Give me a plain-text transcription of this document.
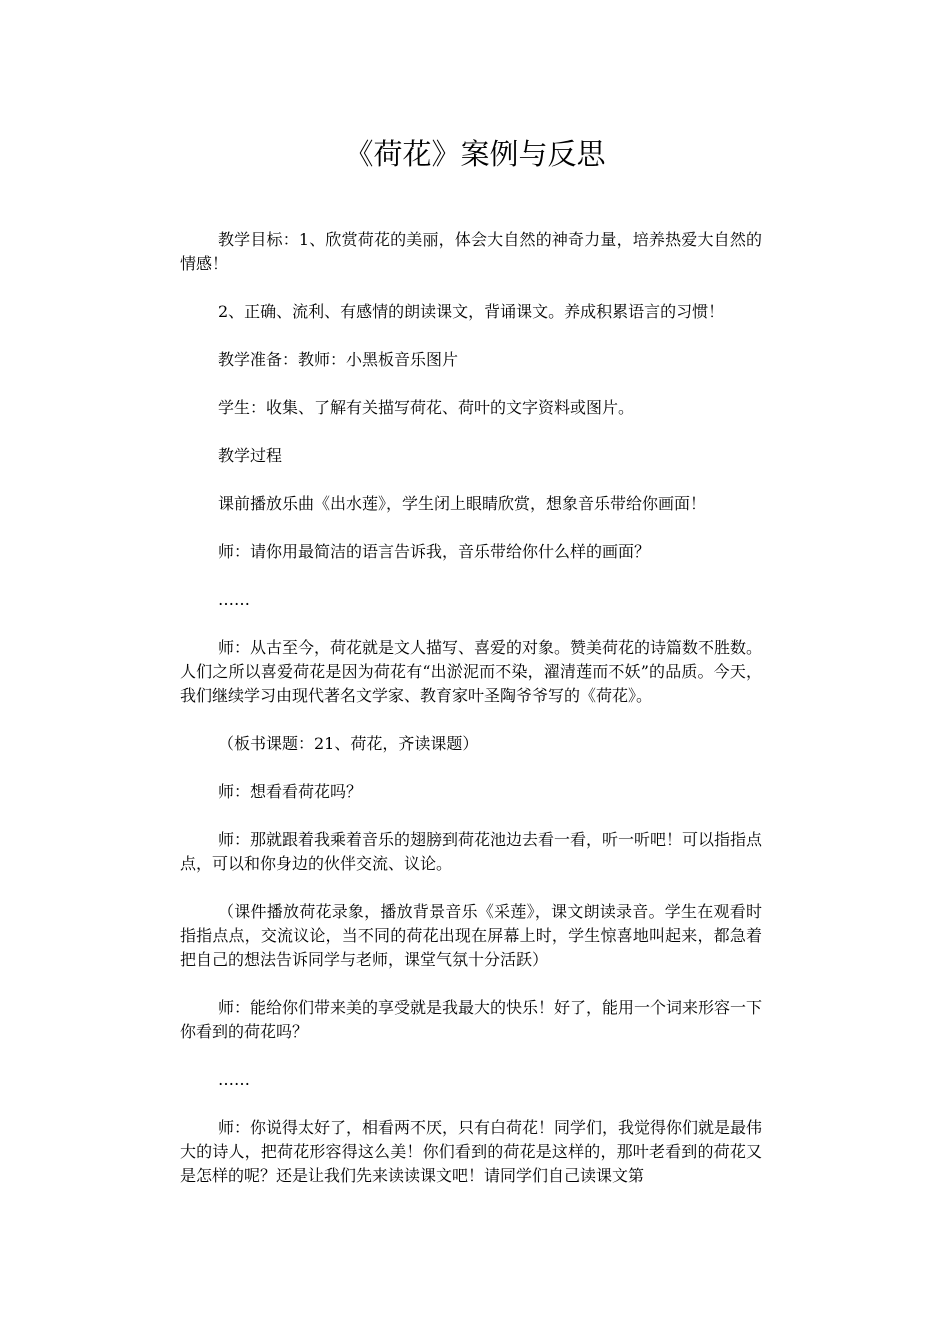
《荷花》案例与反思

教学目标：1、欣赏荷花的美丽，体会大自然的神奇力量，培养热爱大自然的情感！

2、正确、流利、有感情的朗读课文，背诵课文。养成积累语言的习惯！

教学准备：教师：小黑板音乐图片

学生：收集、了解有关描写荷花、荷叶的文字资料或图片。

教学过程

课前播放乐曲《出水莲》，学生闭上眼睛欣赏，想象音乐带给你画面！

师：请你用最简洁的语言告诉我，音乐带给你什么样的画面？

……

师：从古至今，荷花就是文人描写、喜爱的对象。赞美荷花的诗篇数不胜数。人们之所以喜爱荷花是因为荷花有“出淤泥而不染，濯清莲而不妖”的品质。今天，我们继续学习由现代著名文学家、教育家叶圣陶爷爷写的《荷花》。

（板书课题：21、荷花，齐读课题）

师：想看看荷花吗？

师：那就跟着我乘着音乐的翅膀到荷花池边去看一看，听一听吧！可以指指点点，可以和你身边的伙伴交流、议论。

（课件播放荷花录象，播放背景音乐《采莲》，课文朗读录音。学生在观看时指指点点，交流议论，当不同的荷花出现在屏幕上时，学生惊喜地叫起来，都急着把自己的想法告诉同学与老师，课堂气氛十分活跃）

师：能给你们带来美的享受就是我最大的快乐！好了，能用一个词来形容一下你看到的荷花吗？

……

师：你说得太好了，相看两不厌，只有白荷花！同学们，我觉得你们就是最伟大的诗人，把荷花形容得这么美！你们看到的荷花是这样的，那叶老看到的荷花又是怎样的呢？还是让我们先来读读课文吧！请同学们自己读课文第
